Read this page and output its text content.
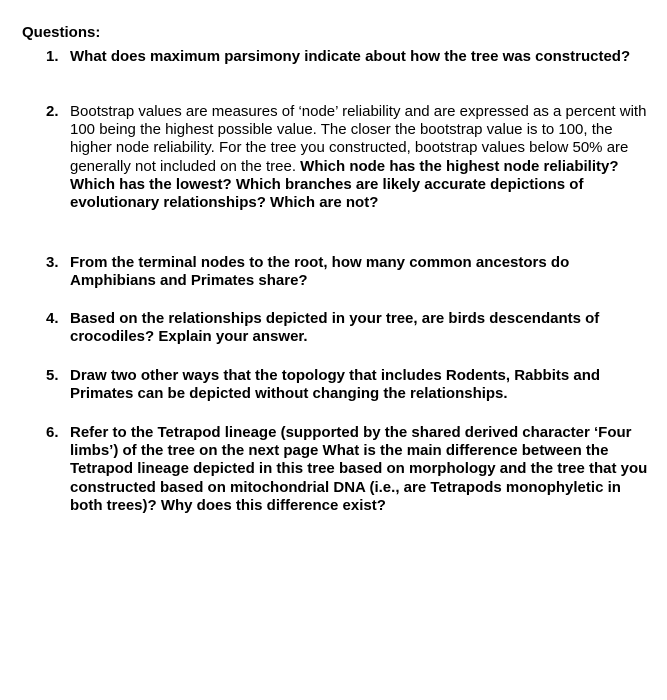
Questions:
1. What does maximum parsimony indicate about how the tree was constructed?
2. Bootstrap values are measures of ‘node’ reliability and are expressed as a percent with 100 being the highest possible value. The closer the bootstrap value is to 100, the higher node reliability. For the tree you constructed, bootstrap values below 50% are generally not included on the tree. Which node has the highest node reliability? Which has the lowest? Which branches are likely accurate depictions of evolutionary relationships? Which are not?
3. From the terminal nodes to the root, how many common ancestors do Amphibians and Primates share?
4. Based on the relationships depicted in your tree, are birds descendants of crocodiles? Explain your answer.
5. Draw two other ways that the topology that includes Rodents, Rabbits and Primates can be depicted without changing the relationships.
6. Refer to the Tetrapod lineage (supported by the shared derived character ‘Four limbs’) of the tree on the next page What is the main difference between the Tetrapod lineage depicted in this tree based on morphology and the tree that you constructed based on mitochondrial DNA (i.e., are Tetrapods monophyletic in both trees)? Why does this difference exist?
